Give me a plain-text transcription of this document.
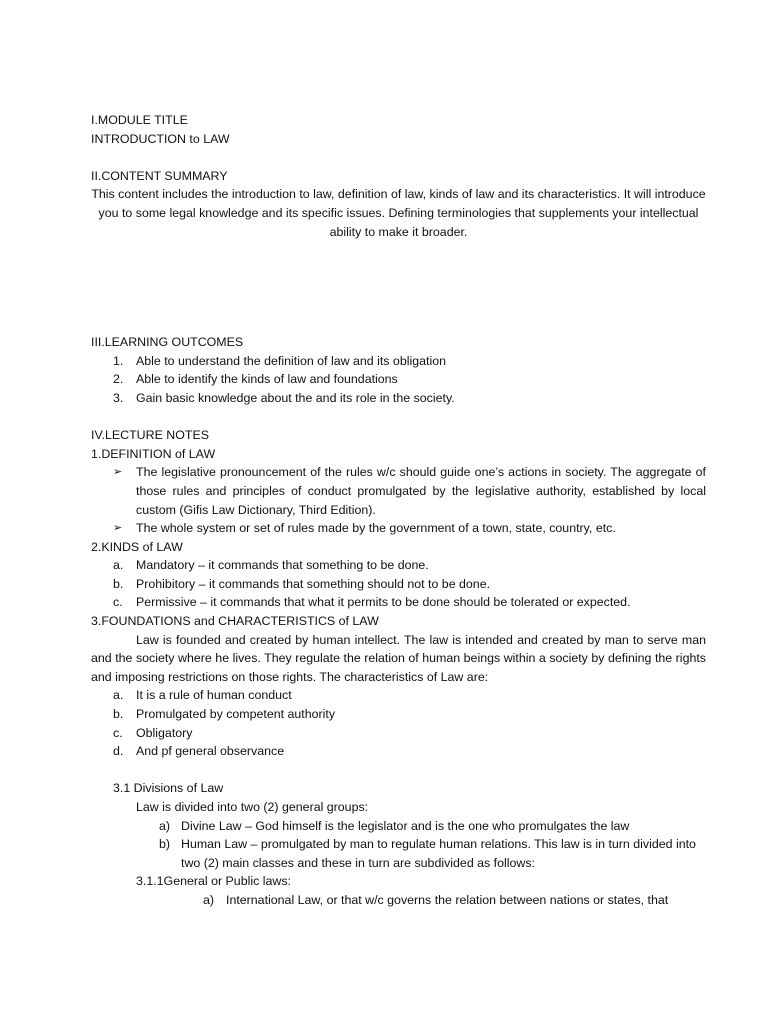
I.MODULE TITLE

INTRODUCTION to LAW

II.CONTENT SUMMARY

This content includes the introduction to law, definition of law, kinds of law and its characteristics. It will introduce you to some legal knowledge and its specific issues. Defining terminologies that supplements your intellectual ability to make it broader.

III.LEARNING OUTCOMES

1. Able to understand the definition of law and its obligation

2. Able to identify the kinds of law and foundations

3. Gain basic knowledge about the and its role in the society.

IV.LECTURE NOTES

1.DEFINITION of LAW

➢ The legislative pronouncement of the rules w/c should guide one’s actions in society. The aggregate of those rules and principles of conduct promulgated by the legislative authority, established by local custom (Gifis Law Dictionary, Third Edition).

➢ The whole system or set of rules made by the government of a town, state, country, etc.

2.KINDS of LAW

a. Mandatory – it commands that something to be done.

b. Prohibitory – it commands that something should not to be done.

c. Permissive – it commands that what it permits to be done should be tolerated or expected.

3.FOUNDATIONS and CHARACTERISTICS of LAW

Law is founded and created by human intellect. The law is intended and created by man to serve man and the society where he lives. They regulate the relation of human beings within a society by defining the rights and imposing restrictions on those rights. The characteristics of Law are:

a. It is a rule of human conduct

b. Promulgated by competent authority

c. Obligatory

d. And pf general observance

3.1 Divisions of Law

Law is divided into two (2) general groups:

a) Divine Law – God himself is the legislator and is the one who promulgates the law

b) Human Law – promulgated by man to regulate human relations. This law is in turn divided into two (2) main classes and these in turn are subdivided as follows:

3.1.1General or Public laws:

a) International Law, or that w/c governs the relation between nations or states, that
